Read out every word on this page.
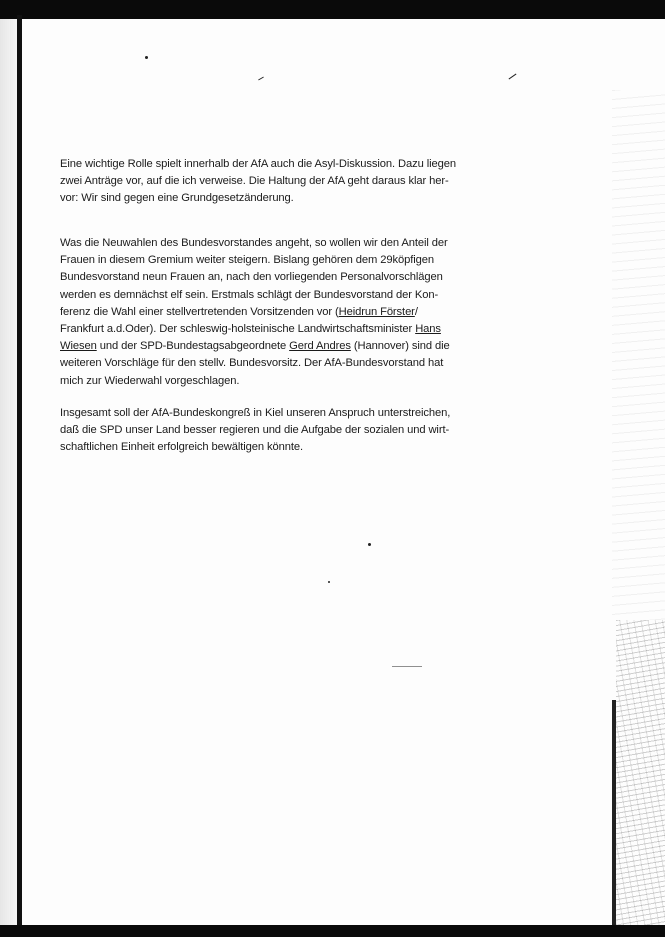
Eine wichtige Rolle spielt innerhalb der AfA auch die Asyl-Diskussion. Dazu liegen
zwei Anträge vor, auf die ich verweise. Die Haltung der AfA geht daraus klar her-
vor: Wir sind gegen eine Grundgesetzänderung.

Was die Neuwahlen des Bundesvorstandes angeht, so wollen wir den Anteil der
Frauen in diesem Gremium weiter steigern. Bislang gehören dem 29köpfigen
Bundesvorstand neun Frauen an, nach den vorliegenden Personalvorschlägen
werden es demnächst elf sein. Erstmals schlägt der Bundesvorstand der Kon-
ferenz die Wahl einer stellvertretenden Vorsitzenden vor (Heidrun Förster/
Frankfurt a.d.Oder). Der schleswig-holsteinische Landwirtschaftsminister Hans
Wiesen und der SPD-Bundestagsabgeordnete Gerd Andres (Hannover) sind die
weiteren Vorschläge für den stellv. Bundesvorsitz. Der AfA-Bundesvorstand hat
mich zur Wiederwahl vorgeschlagen.

Insgesamt soll der AfA-Bundeskongreß in Kiel unseren Anspruch unterstreichen,
daß die SPD unser Land besser regieren und die Aufgabe der sozialen und wirt-
schaftlichen Einheit erfolgreich bewältigen könnte.
